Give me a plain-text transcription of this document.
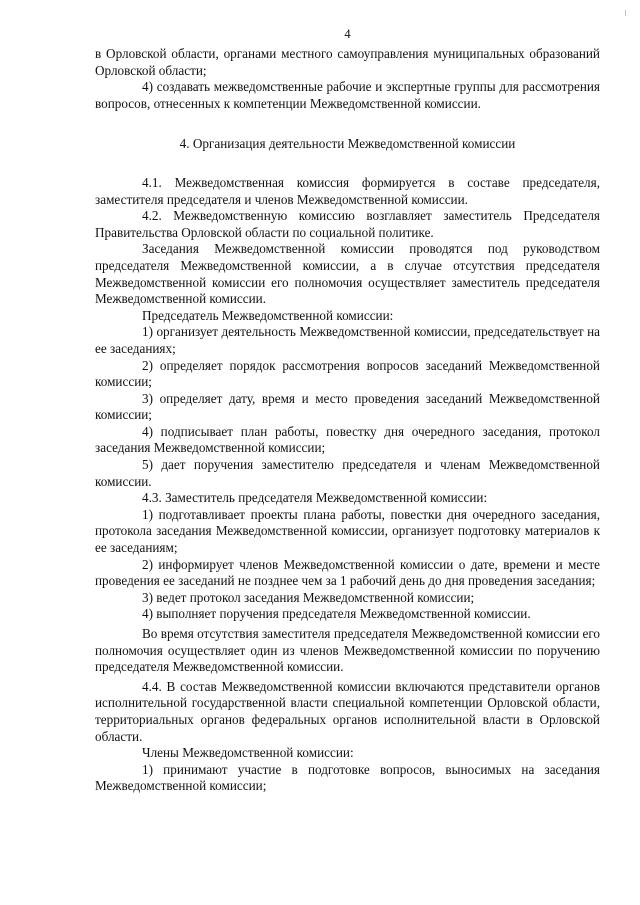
4

в Орловской области, органами местного самоуправления муниципальных образований Орловской области;

4) создавать межведомственные рабочие и экспертные группы для рассмотрения вопросов, отнесенных к компетенции Межведомственной комиссии.

4. Организация деятельности Межведомственной комиссии

4.1. Межведомственная комиссия формируется в составе председателя, заместителя председателя и членов Межведомственной комиссии.

4.2. Межведомственную комиссию возглавляет заместитель Председателя Правительства Орловской области по социальной политике.

Заседания Межведомственной комиссии проводятся под руководством председателя Межведомственной комиссии, а в случае отсутствия председателя Межведомственной комиссии его полномочия осуществляет заместитель председателя Межведомственной комиссии.

Председатель Межведомственной комиссии:

1) организует деятельность Межведомственной комиссии, председательствует на ее заседаниях;

2) определяет порядок рассмотрения вопросов заседаний Межведомственной комиссии;

3) определяет дату, время и место проведения заседаний Межведомственной комиссии;

4) подписывает план работы, повестку дня очередного заседания, протокол заседания Межведомственной комиссии;

5) дает поручения заместителю председателя и членам Межведомственной комиссии.

4.3. Заместитель председателя Межведомственной комиссии:

1) подготавливает проекты плана работы, повестки дня очередного заседания, протокола заседания Межведомственной комиссии, организует подготовку материалов к ее заседаниям;

2) информирует членов Межведомственной комиссии о дате, времени и месте проведения ее заседаний не позднее чем за 1 рабочий день до дня проведения заседания;

3) ведет протокол заседания Межведомственной комиссии;

4) выполняет поручения председателя Межведомственной комиссии.

Во время отсутствия заместителя председателя Межведомственной комиссии его полномочия осуществляет один из членов Межведомственной комиссии по поручению председателя Межведомственной комиссии.

4.4. В состав Межведомственной комиссии включаются представители органов исполнительной государственной власти специальной компетенции Орловской области, территориальных органов федеральных органов исполнительной власти в Орловской области.

Члены Межведомственной комиссии:

1) принимают участие в подготовке вопросов, выносимых на заседания Межведомственной комиссии;
